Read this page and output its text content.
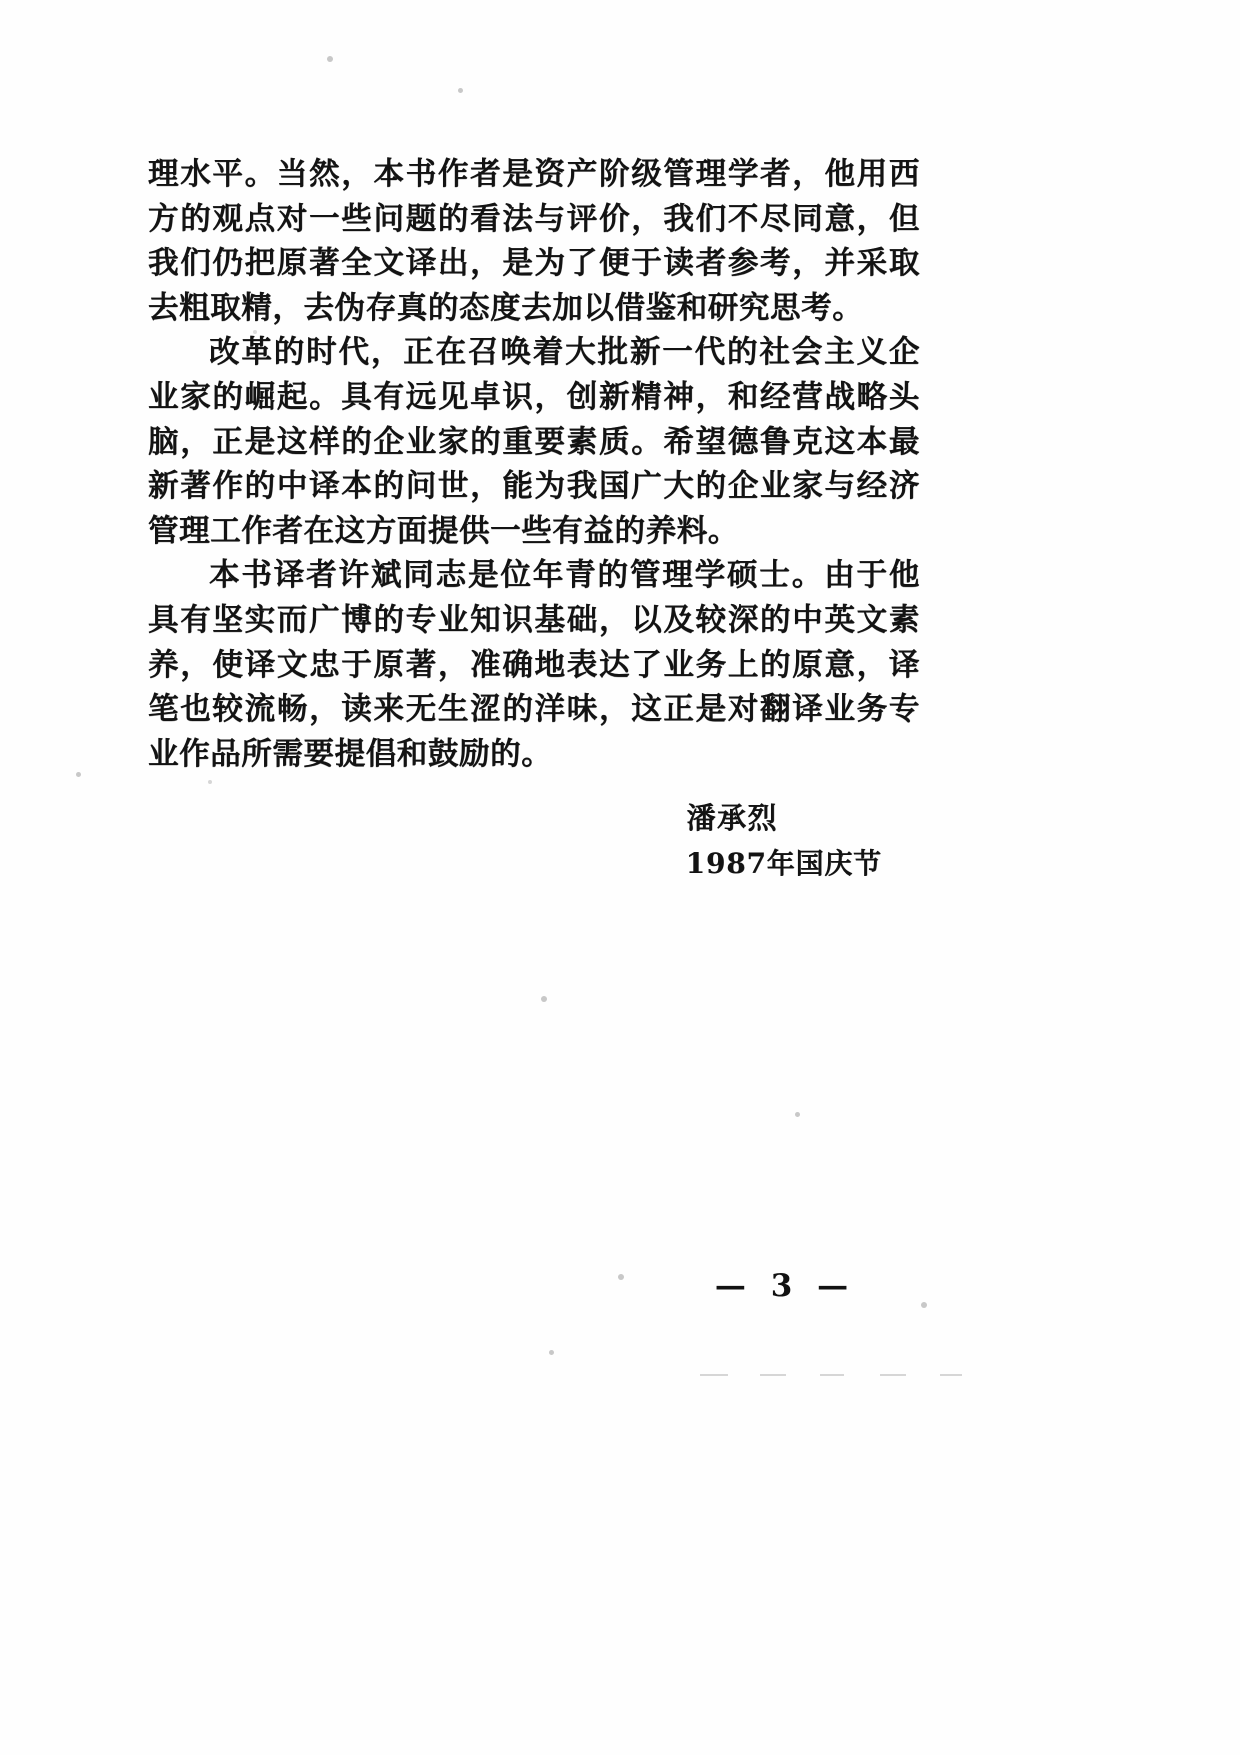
理水平。当然，本书作者是资产阶级管理学者，他用西方的观点对一些问题的看法与评价，我们不尽同意，但我们仍把原著全文译出，是为了便于读者参考，并采取去粗取精，去伪存真的态度去加以借鉴和研究思考。

改革的时代，正在召唤着大批新一代的社会主义企业家的崛起。具有远见卓识，创新精神，和经营战略头脑，正是这样的企业家的重要素质。希望德鲁克这本最新著作的中译本的问世，能为我国广大的企业家与经济管理工作者在这方面提供一些有益的养料。

本书译者许斌同志是位年青的管理学硕士。由于他具有坚实而广博的专业知识基础，以及较深的中英文素养，使译文忠于原著，准确地表达了业务上的原意，译笔也较流畅，读来无生涩的洋味，这正是对翻译业务专业作品所需要提倡和鼓励的。

潘承烈
1987年国庆节
— 3 —
